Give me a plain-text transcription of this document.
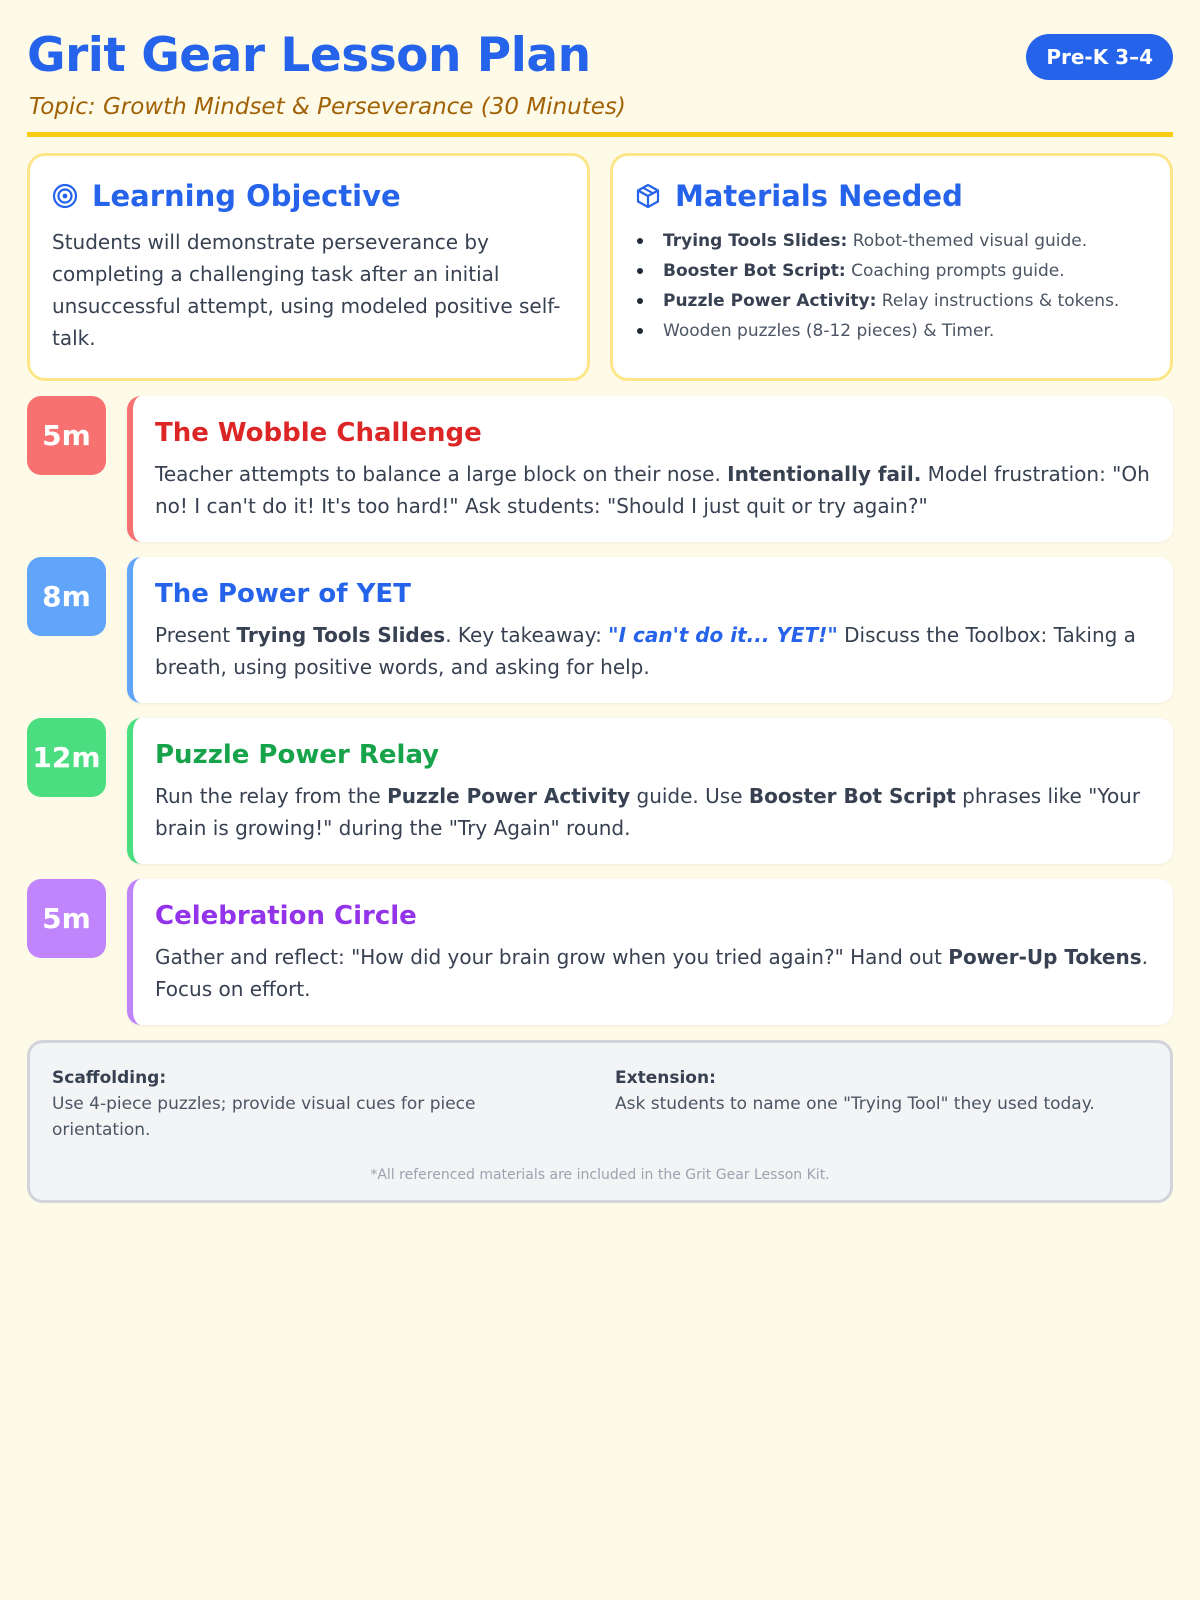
Grit Gear Lesson Plan
Topic: Growth Mindset & Perseverance (30 Minutes)
Pre-K 3–4
Learning Objective
Students will demonstrate perseverance by completing a challenging task after an initial unsuccessful attempt, using modeled positive self-talk.
Materials Needed
Trying Tools Slides: Robot-themed visual guide.
Booster Bot Script: Coaching prompts guide.
Puzzle Power Activity: Relay instructions & tokens.
Wooden puzzles (8-12 pieces) & Timer.
5m	The Wobble Challenge
Teacher attempts to balance a large block on their nose. Intentionally fail. Model frustration: "Oh no! I can't do it! It's too hard!" Ask students: "Should I just quit or try again?"
8m	The Power of YET
Present Trying Tools Slides. Key takeaway: "I can't do it... YET!" Discuss the Toolbox: Taking a breath, using positive words, and asking for help.
12m Puzzle Power Relay
Run the relay from the Puzzle Power Activity guide. Use Booster Bot Script phrases like "Your brain is growing!" during the "Try Again" round.
5m	Celebration Circle
Gather and reflect: "How did your brain grow when you tried again?" Hand out Power-Up Tokens. Focus on effort.
Scaffolding:
Use 4-piece puzzles; provide visual cues for piece orientation.
Extension:
Ask students to name one "Trying Tool" they used today.
*All referenced materials are included in the Grit Gear Lesson Kit.
